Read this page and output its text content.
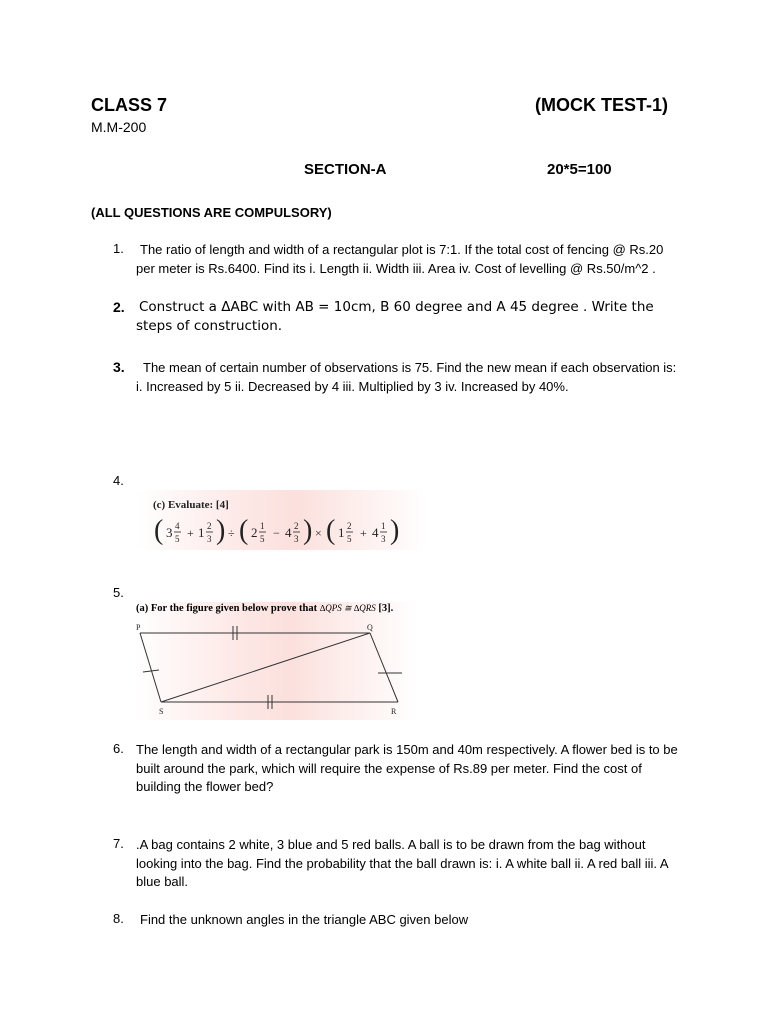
CLASS 7	(MOCK TEST-1)
M.M-200
SECTION-A	20*5=100
(ALL QUESTIONS ARE COMPULSORY)
1.	The ratio of length and width of a rectangular plot is 7:1. If the total cost of fencing @ Rs.20 per meter is Rs.6400. Find its i. Length ii. Width iii. Area iv. Cost of levelling @ Rs.50/m^2 .
2. Construct a ΔABC with AB = 10cm, B 60 degree and A 45 degree . Write the steps of construction.
3.	The mean of certain number of observations is 75. Find the new mean if each observation is: i. Increased by 5 ii. Decreased by 4 iii. Multiplied by 3 iv. Increased by 40%.
4.
(c) Evaluate: [4]
( 3 4
5 + 1 2
3 ) ÷ ( 2 1
5 − 4 2
3 ) × ( 1 2
5 + 4 1
3 )
5.
(a) For the figure given below prove that ∆QPS ≅ ∆QRS [3].
P	Q
S	R
6. The length and width of a rectangular park is 150m and 40m respectively. A flower bed is to be built around the park, which will require the expense of Rs.89 per meter. Find the cost of building the flower bed?
7. .A bag contains 2 white, 3 blue and 5 red balls. A ball is to be drawn from the bag without looking into the bag. Find the probability that the ball drawn is: i. A white ball ii. A red ball iii. A blue ball.
8.	Find the unknown angles in the triangle ABC given below
